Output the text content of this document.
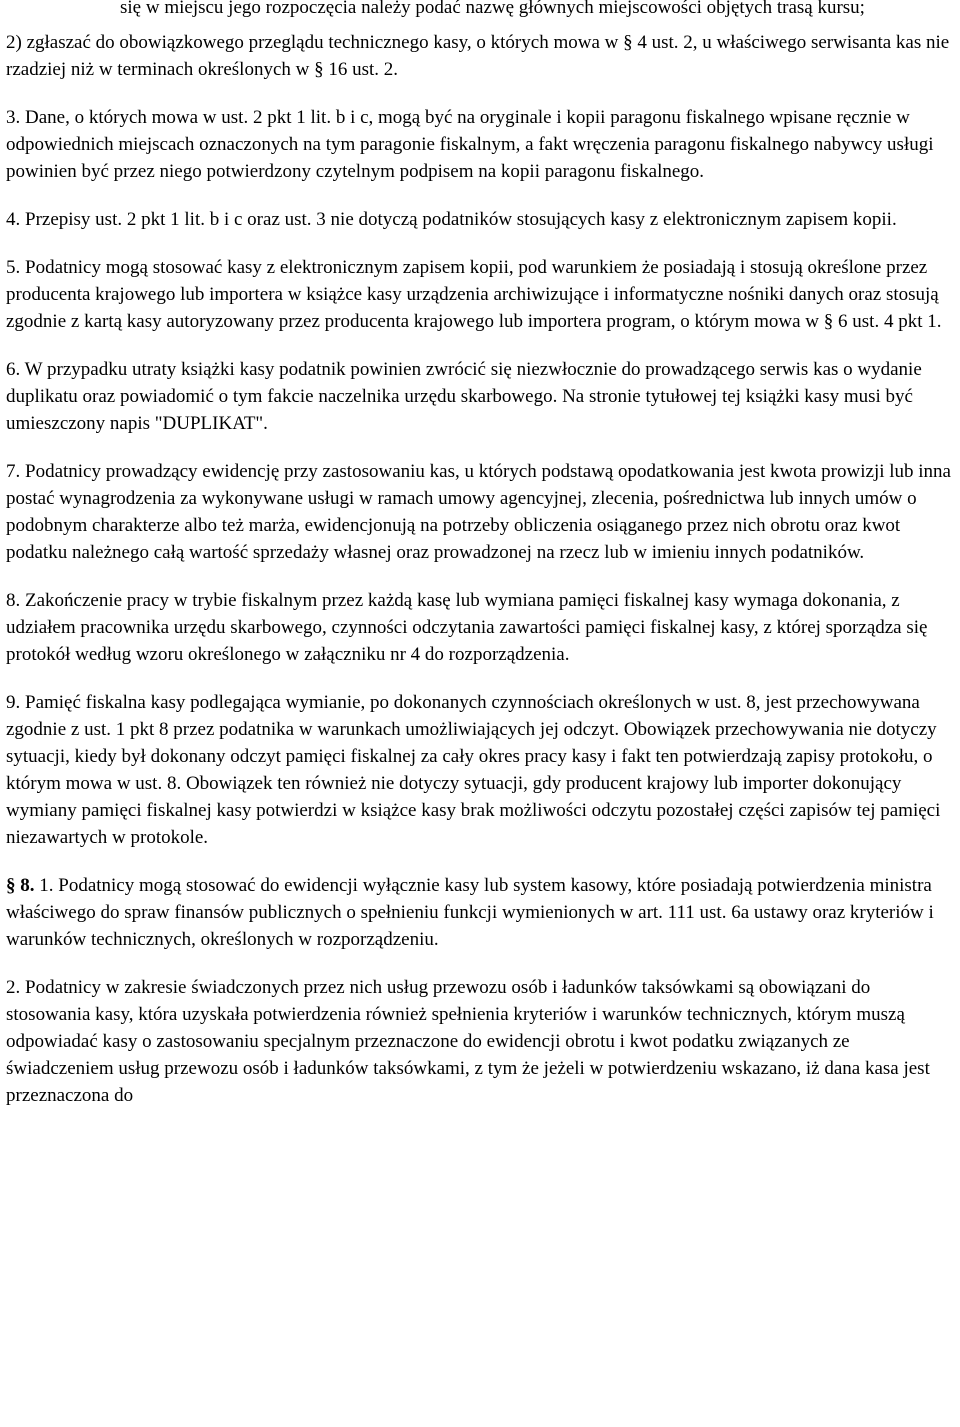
się w miejscu jego rozpoczęcia należy podać nazwę głównych miejscowości objętych trasą kursu;

2) zgłaszać do obowiązkowego przeglądu technicznego kasy, o których mowa w § 4 ust. 2, u właściwego serwisanta kas nie rzadziej niż w terminach określonych w § 16 ust. 2.

3. Dane, o których mowa w ust. 2 pkt 1 lit. b i c, mogą być na oryginale i kopii paragonu fiskalnego wpisane ręcznie w odpowiednich miejscach oznaczonych na tym paragonie fiskalnym, a fakt wręczenia paragonu fiskalnego nabywcy usługi powinien być przez niego potwierdzony czytelnym podpisem na kopii paragonu fiskalnego.

4. Przepisy ust. 2 pkt 1 lit. b i c oraz ust. 3 nie dotyczą podatników stosujących kasy z elektronicznym zapisem kopii.

5. Podatnicy mogą stosować kasy z elektronicznym zapisem kopii, pod warunkiem że posiadają i stosują określone przez producenta krajowego lub importera w książce kasy urządzenia archiwizujące i informatyczne nośniki danych oraz stosują zgodnie z kartą kasy autoryzowany przez producenta krajowego lub importera program, o którym mowa w § 6 ust. 4 pkt 1.

6. W przypadku utraty książki kasy podatnik powinien zwrócić się niezwłocznie do prowadzącego serwis kas o wydanie duplikatu oraz powiadomić o tym fakcie naczelnika urzędu skarbowego. Na stronie tytułowej tej książki kasy musi być umieszczony napis "DUPLIKAT".

7. Podatnicy prowadzący ewidencję przy zastosowaniu kas, u których podstawą opodatkowania jest kwota prowizji lub inna postać wynagrodzenia za wykonywane usługi w ramach umowy agencyjnej, zlecenia, pośrednictwa lub innych umów o podobnym charakterze albo też marża, ewidencjonują na potrzeby obliczenia osiąganego przez nich obrotu oraz kwot podatku należnego całą wartość sprzedaży własnej oraz prowadzonej na rzecz lub w imieniu innych podatników.

8. Zakończenie pracy w trybie fiskalnym przez każdą kasę lub wymiana pamięci fiskalnej kasy wymaga dokonania, z udziałem pracownika urzędu skarbowego, czynności odczytania zawartości pamięci fiskalnej kasy, z której sporządza się protokół według wzoru określonego w załączniku nr 4 do rozporządzenia.

9. Pamięć fiskalna kasy podlegająca wymianie, po dokonanych czynnościach określonych w ust. 8, jest przechowywana zgodnie z ust. 1 pkt 8 przez podatnika w warunkach umożliwiających jej odczyt. Obowiązek przechowywania nie dotyczy sytuacji, kiedy był dokonany odczyt pamięci fiskalnej za cały okres pracy kasy i fakt ten potwierdzają zapisy protokołu, o którym mowa w ust. 8. Obowiązek ten również nie dotyczy sytuacji, gdy producent krajowy lub importer dokonujący wymiany pamięci fiskalnej kasy potwierdzi w książce kasy brak możliwości odczytu pozostałej części zapisów tej pamięci niezawartych w protokole.

§ 8. 1. Podatnicy mogą stosować do ewidencji wyłącznie kasy lub system kasowy, które posiadają potwierdzenia ministra właściwego do spraw finansów publicznych o spełnieniu funkcji wymienionych w art. 111 ust. 6a ustawy oraz kryteriów i warunków technicznych, określonych w rozporządzeniu.

2. Podatnicy w zakresie świadczonych przez nich usług przewozu osób i ładunków taksówkami są obowiązani do stosowania kasy, która uzyskała potwierdzenia również spełnienia kryteriów i warunków technicznych, którym muszą odpowiadać kasy o zastosowaniu specjalnym przeznaczone do ewidencji obrotu i kwot podatku związanych ze świadczeniem usług przewozu osób i ładunków taksówkami, z tym że jeżeli w potwierdzeniu wskazano, iż dana kasa jest przeznaczona do
